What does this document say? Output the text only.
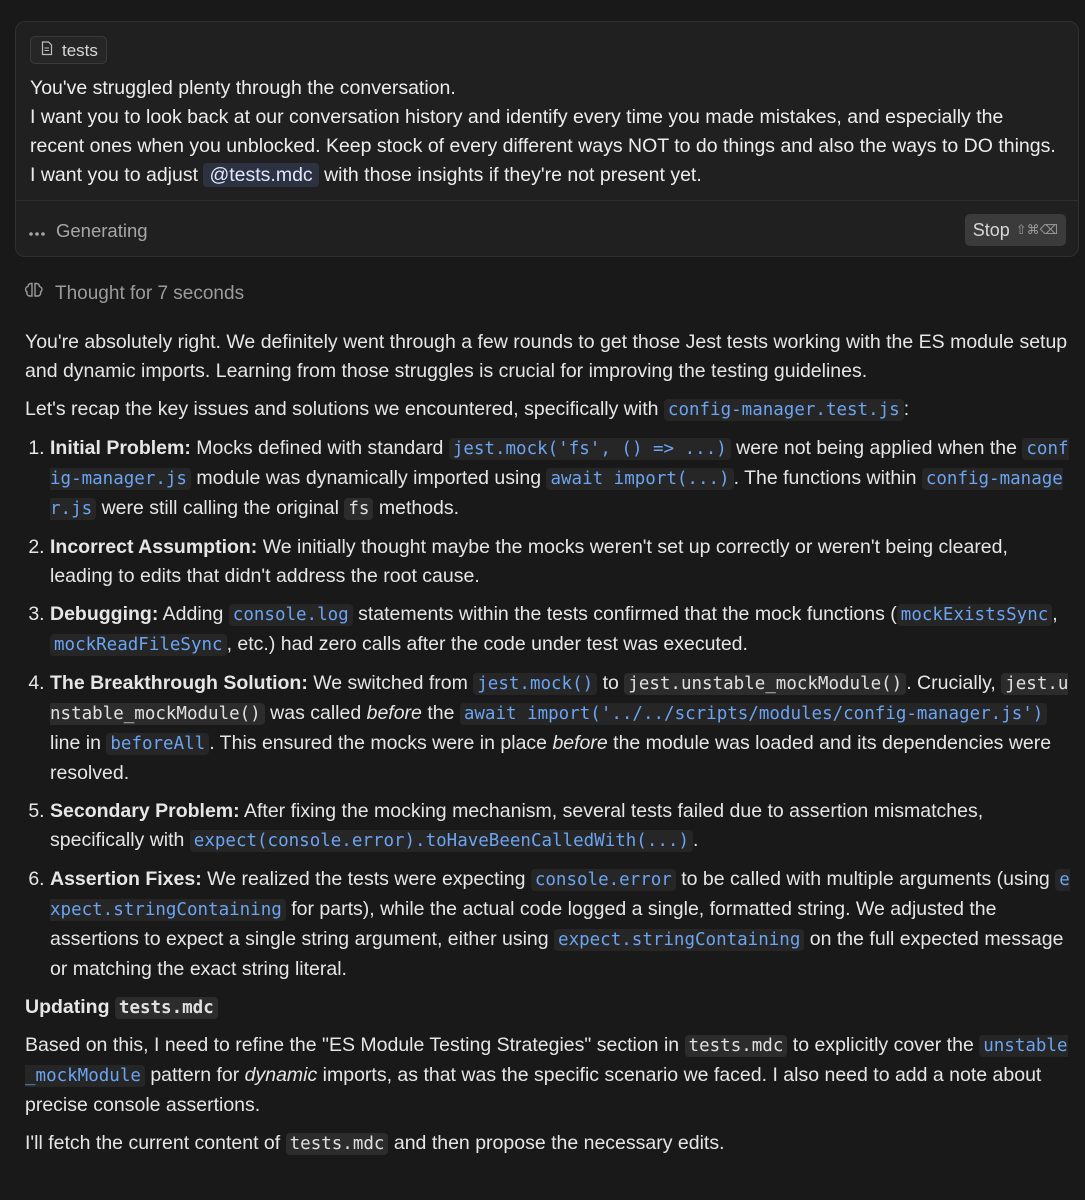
tests

You've struggled plenty through the conversation.

I want you to look back at our conversation history and identify every time you made mistakes, and especially the recent ones when you unblocked. Keep stock of every different ways NOT to do things and also the ways to DO things. I want you to adjust @tests.mdc with those insights if they're not present yet.

Generating	Stop ⇧⌘⌫
Thought for 7 seconds

You're absolutely right. We definitely went through a few rounds to get those Jest tests working with the ES module setup and dynamic imports. Learning from those struggles is crucial for improving the testing guidelines.

Let's recap the key issues and solutions we encountered, specifically with config-manager.test.js :

1. Initial Problem: Mocks defined with standard jest.mock('fs', () => ...) were not being applied when the config-manager.js module was dynamically imported using await import(...) . The functions within config-manager.js were still calling the original fs methods.
2. Incorrect Assumption: We initially thought maybe the mocks weren't set up correctly or weren't being cleared, leading to edits that didn't address the root cause.
3. Debugging: Adding console.log statements within the tests confirmed that the mock functions ( mockExistsSync , mockReadFileSync , etc.) had zero calls after the code under test was executed.
4. The Breakthrough Solution: We switched from jest.mock() to jest.unstable_mockModule() . Crucially, jest.unstable_mockModule() was called before the await import('../../scripts/modules/config-manager.js') line in beforeAll . This ensured the mocks were in place before the module was loaded and its dependencies were resolved.
5. Secondary Problem: After fixing the mocking mechanism, several tests failed due to assertion mismatches, specifically with expect(console.error).toHaveBeenCalledWith(...) .
6. Assertion Fixes: We realized the tests were expecting console.error to be called with multiple arguments (using expect.stringContaining for parts), while the actual code logged a single, formatted string. We adjusted the assertions to expect a single string argument, either using expect.stringContaining on the full expected message or matching the exact string literal.
Updating tests.mdc

Based on this, I need to refine the "ES Module Testing Strategies" section in tests.mdc to explicitly cover the unstable_mockModule pattern for dynamic imports, as that was the specific scenario we faced. I also need to add a note about precise console assertions.

I'll fetch the current content of tests.mdc and then propose the necessary edits.
